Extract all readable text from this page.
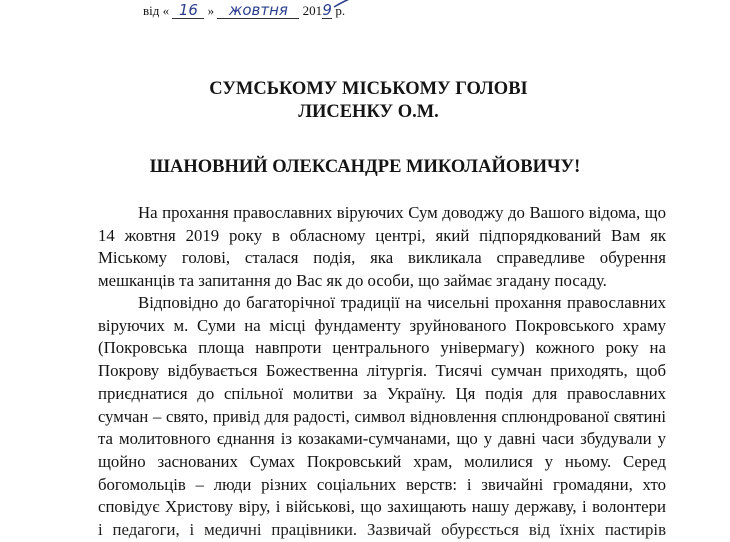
від « 16 » жовтня 2019 р.
СУМСЬКОМУ МІСЬКОМУ ГОЛОВІ
ЛИСЕНКУ О.М.
ШАНОВНИЙ ОЛЕКСАНДРЕ МИКОЛАЙОВИЧУ!
На прохання православних віруючих Сум доводжу до Вашого відома, що
14 жовтня 2019 року в обласному центрі, який підпорядкований Вам як
Міському голові, сталася подія, яка викликала справедливе обурення
мешканців та запитання до Вас як до особи, що займає згадану посаду.
Відповідно до багаторічної традиції на чисельні прохання православних
віруючих м. Суми на місці фундаменту зруйнованого Покровського храму
(Покровська площа навпроти центрального універмагу) кожного року на
Покрову відбувається Божественна літургія. Тисячі сумчан приходять, щоб
приєднатися до спільної молитви за Україну. Ця подія для православних
сумчан – свято, привід для радості, символ відновлення сплюндрованої святині
та молитовного єднання із козаками-сумчанами, що у давні часи збудували у
щойно заснованих Сумах Покровський храм, молилися у ньому. Серед
богомольців – люди різних соціальних верств: і звичайні громадяни, хто
сповідує Христову віру, і військові, що захищають нашу державу, і волонтери
і педагоги, і медичні працівники. Зазвичай обурєсться від їхніх пастирів
